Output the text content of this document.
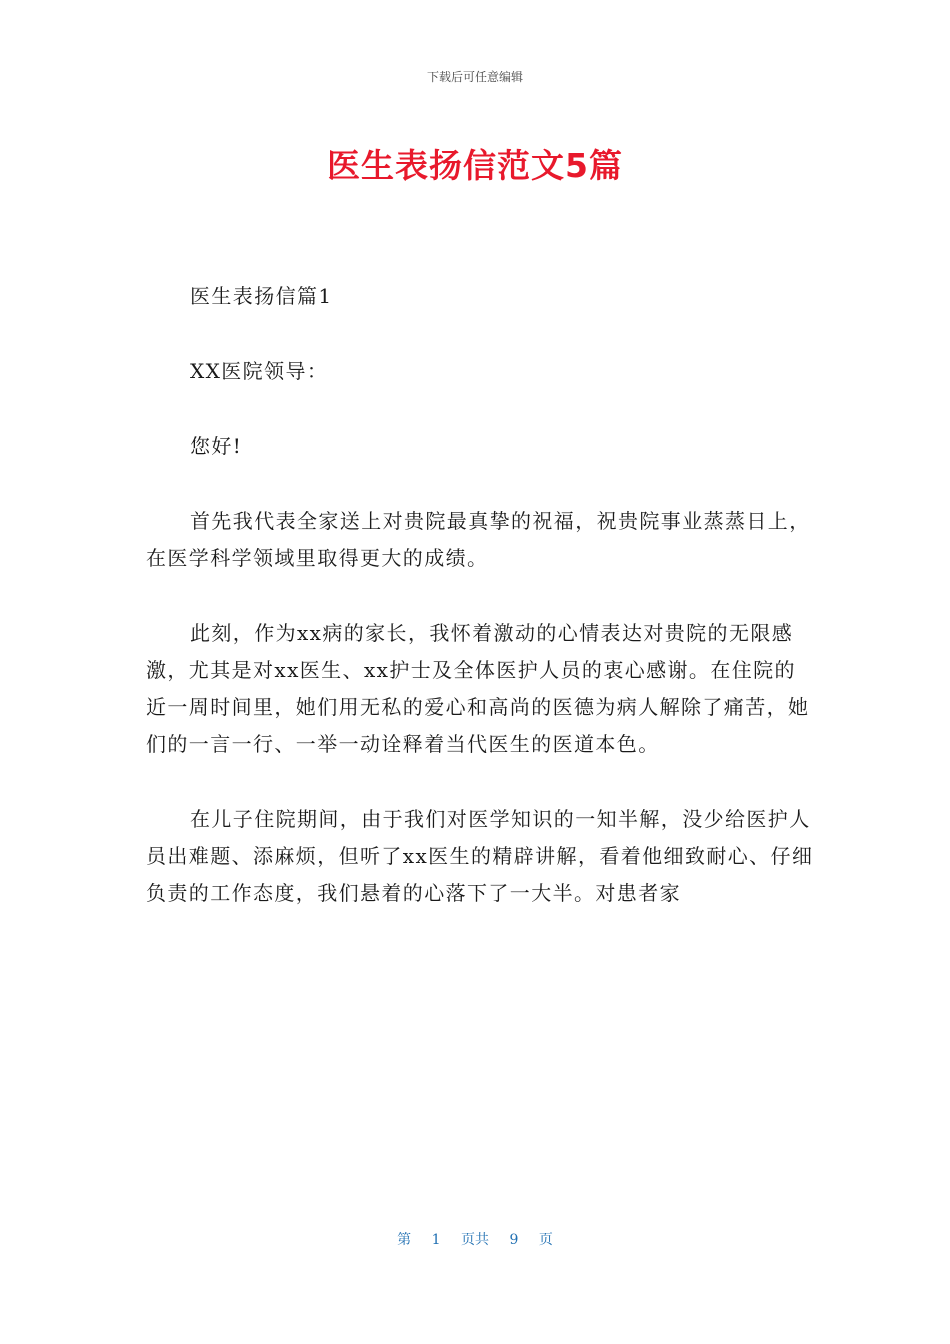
下载后可任意编辑
医生表扬信范文5篇

医生表扬信篇1

XX医院领导：

您好!

首先我代表全家送上对贵院最真挚的祝福，祝贵院事业蒸蒸日上，在医学科学领域里取得更大的成绩。

此刻，作为xx病的家长，我怀着激动的心情表达对贵院的无限感激，尤其是对xx医生、xx护士及全体医护人员的衷心感谢。在住院的近一周时间里，她们用无私的爱心和高尚的医德为病人解除了痛苦，她们的一言一行、一举一动诠释着当代医生的医道本色。

在儿子住院期间，由于我们对医学知识的一知半解，没少给医护人员出难题、添麻烦，但听了xx医生的精辟讲解，看着他细致耐心、仔细负责的工作态度，我们悬着的心落下了一大半。对患者家

第 1 页共 9 页
